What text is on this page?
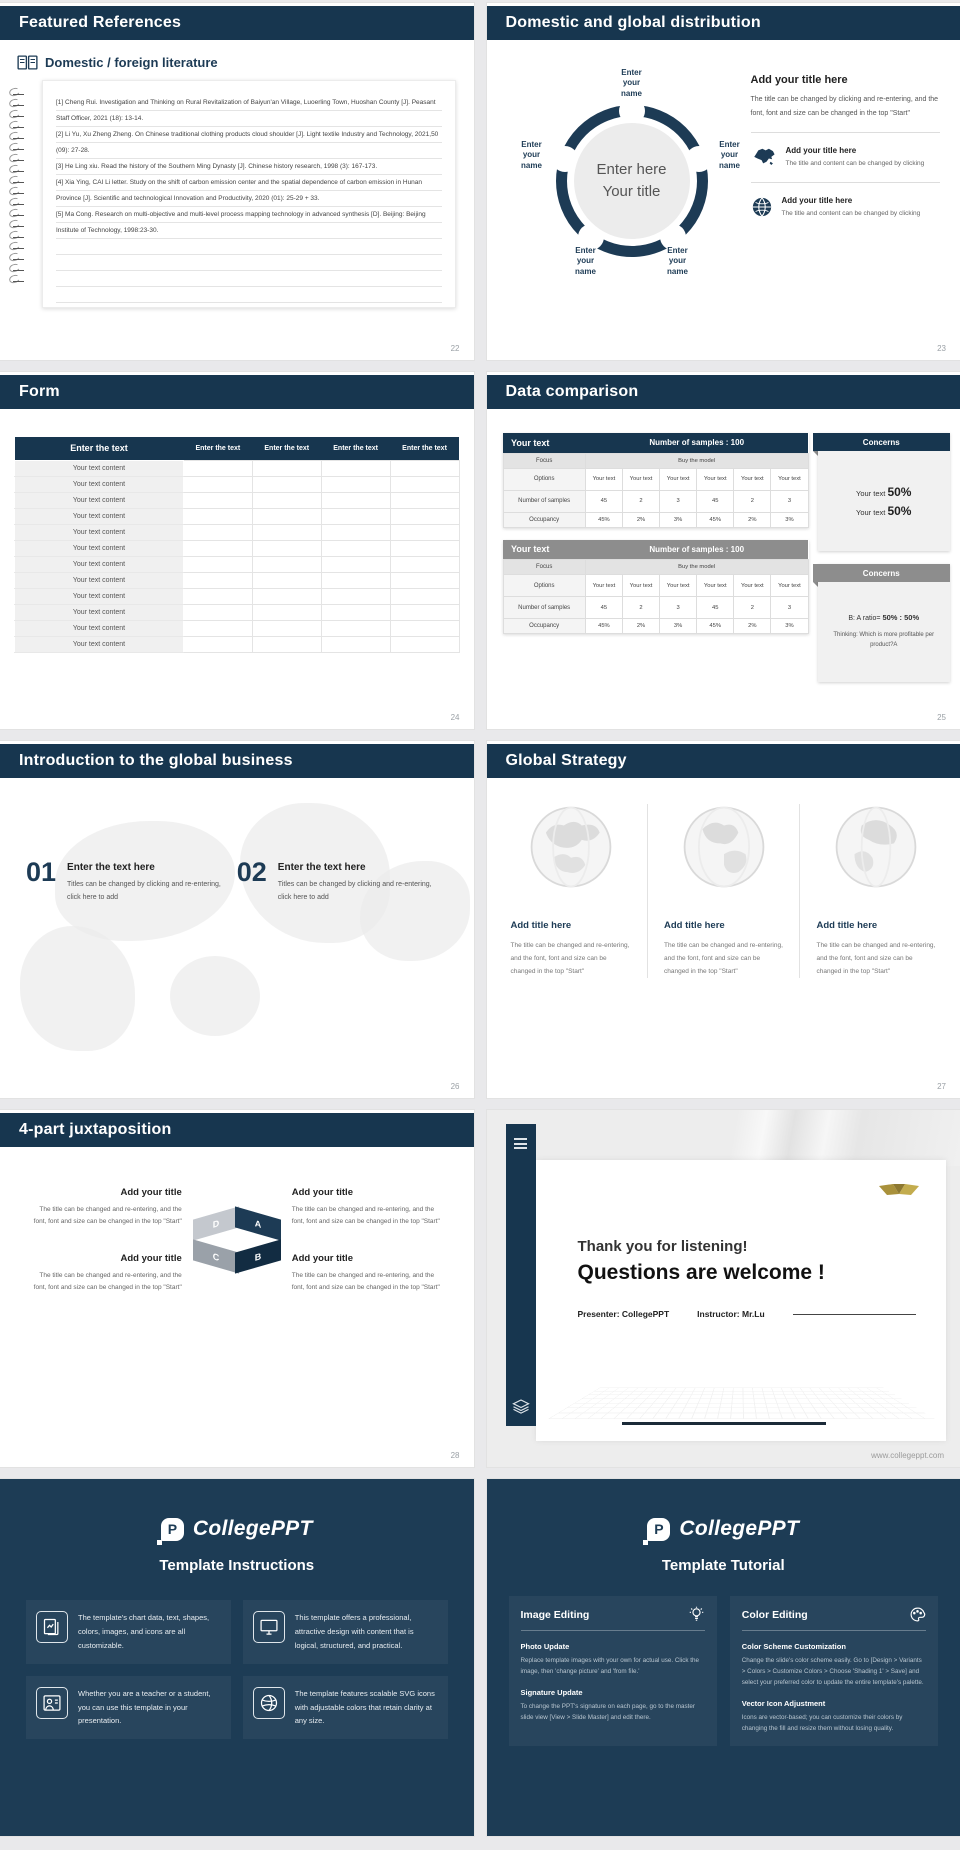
Featured References
Domestic / foreign literature

[1] Cheng Rui. Investigation and Thinking on Rural Revitalization of Baiyun'an Village, Luoerling Town, Huoshan County [J]. Peasant Staff Officer, 2021 (18): 13-14.

[2] Li Yu, Xu Zheng Zheng. On Chinese traditional clothing products cloud shoulder [J]. Light textile Industry and Technology, 2021,50 (09): 27-28.

[3] He Ling xiu. Read the history of the Southern Ming Dynasty [J]. Chinese history research, 1998 (3): 167-173.

[4] Xia Ying, CAI Li letter. Study on the shift of carbon emission center and the spatial dependence of carbon emission in Hunan Province [J]. Scientific and technological Innovation and Productivity, 2020 (01): 25-29 + 33.

[5] Ma Cong. Research on multi-objective and multi-level process mapping technology in advanced synthesis [D]. Beijing: Beijing Institute of Technology, 1998:23-30.

22
Domestic and global distribution
Enter here
Your title
Enter your name
Enter your name
Enter your name
Enter your name
Enter your name
Add your title here

The title can be changed by clicking and re-entering, and the font, font and size can be changed in the top "Start"

Add your title here

The title and content can be changed by clicking

Add your title here

The title and content can be changed by clicking

23
Form
Enter the text	Enter the text	Enter the text	Enter the text	Enter the text
Your text content				
Your text content				
Your text content				
Your text content				
Your text content				
Your text content				
Your text content				
Your text content				
Your text content				
Your text content				
Your text content				
Your text content				
24
Data comparison
Your text	Number of samples : 100					
Focus	Buy the model					
Options	Your text	Your text	Your text	Your text	Your text	Your text
Number of samples	45	2	3	45	2	3
Occupancy	45%	2%	3%	45%	2%	3%
Your text	Number of samples : 100					
Focus	Buy the model					
Options	Your text	Your text	Your text	Your text	Your text	Your text
Number of samples	45	2	3	45	2	3
Occupancy	45%	2%	3%	45%	2%	3%
Concerns
Your text 50%
Your text 50%
Concerns
B: A ratio= 50% : 50%
Thinking: Which is more profitable per product?A
25
Introduction to the global business
01 Enter the text here

Titles can be changed by clicking and re-entering, click here to add

02 Enter the text here

Titles can be changed by clicking and re-entering, click here to add

26
Global Strategy
Add title here

The title can be changed and re-entering, and the font, font and size can be changed in the top "Start"

Add title here

The title can be changed and re-entering, and the font, font and size can be changed in the top "Start"

Add title here

The title can be changed and re-entering, and the font, font and size can be changed in the top "Start"

27
4-part juxtaposition
Add your title

The title can be changed and re-entering, and the font, font and size can be changed in the top "Start"	D	A
C	B
Add your title

The title can be changed and re-entering, and the font, font and size can be changed in the top "Start"

Add your title

The title can be changed and re-entering, and the font, font and size can be changed in the top "Start"

Add your title

The title can be changed and re-entering, and the font, font and size can be changed in the top "Start"

28
Thank you for listening!
Questions are welcome !
Presenter: CollegePPT	Instructor: Mr.Lu
www.collegeppt.com
P CollegePPT
Template Instructions

The template's chart data, text, shapes, colors, images, and icons are all customizable.

This template offers a professional, attractive design with content that is logical, structured, and practical.

Whether you are a teacher or a student, you can use this template in your presentation.

The template features scalable SVG icons with adjustable colors that retain clarity at any size.

P CollegePPT
Template Tutorial
Image Editing
Photo Update

Replace template images with your own for actual use. Click the image, then 'change picture' and 'from file.'

Signature Update

To change the PPT's signature on each page, go to the master slide view [View > Slide Master] and edit there.

Color Editing
Color Scheme Customization

Change the slide's color scheme easily. Go to [Design > Variants > Colors > Customize Colors > Choose 'Shading 1' > Save] and select your preferred color to update the entire template's palette.

Vector Icon Adjustment

Icons are vector-based; you can customize their colors by changing the fill and resize them without losing quality.
